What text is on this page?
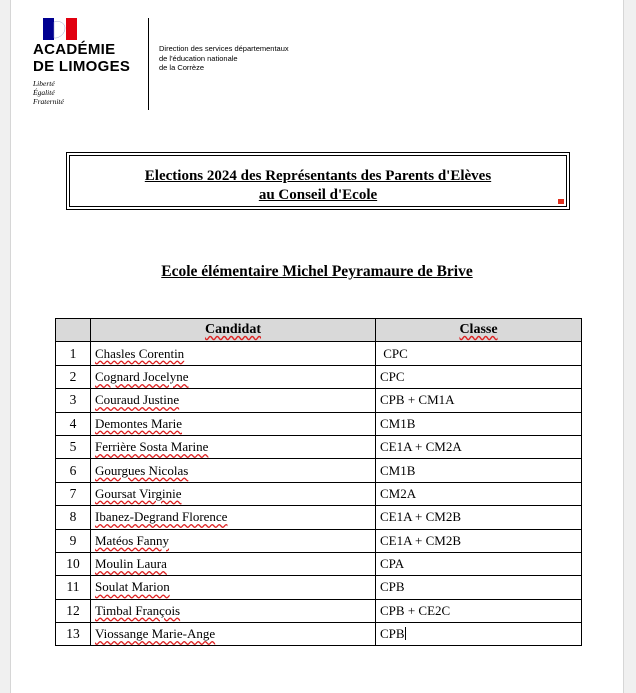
ACADÉMIE
DE LIMOGES
Liberté
Égalité
Fraternité
Direction des services départementaux
de l'éducation nationale
de la Corrèze
Elections 2024 des Représentants des Parents d'Elèves
au Conseil d'Ecole
Ecole élémentaire Michel Peyramaure de Brive
	Candidat	Classe
1	Chasles Corentin	CPC
2	Cognard Jocelyne	CPC
3	Couraud Justine	CPB + CM1A
4	Demontes Marie	CM1B
5	Ferrière Sosta Marine	CE1A + CM2A
6	Gourgues Nicolas	CM1B
7	Goursat Virginie	CM2A
8	Ibanez-Degrand Florence	CE1A + CM2B
9	Matéos Fanny	CE1A + CM2B
10	Moulin Laura	CPA
11	Soulat Marion	CPB
12	Timbal François	CPB + CE2C
13	Viossange Marie-Ange	CPB
